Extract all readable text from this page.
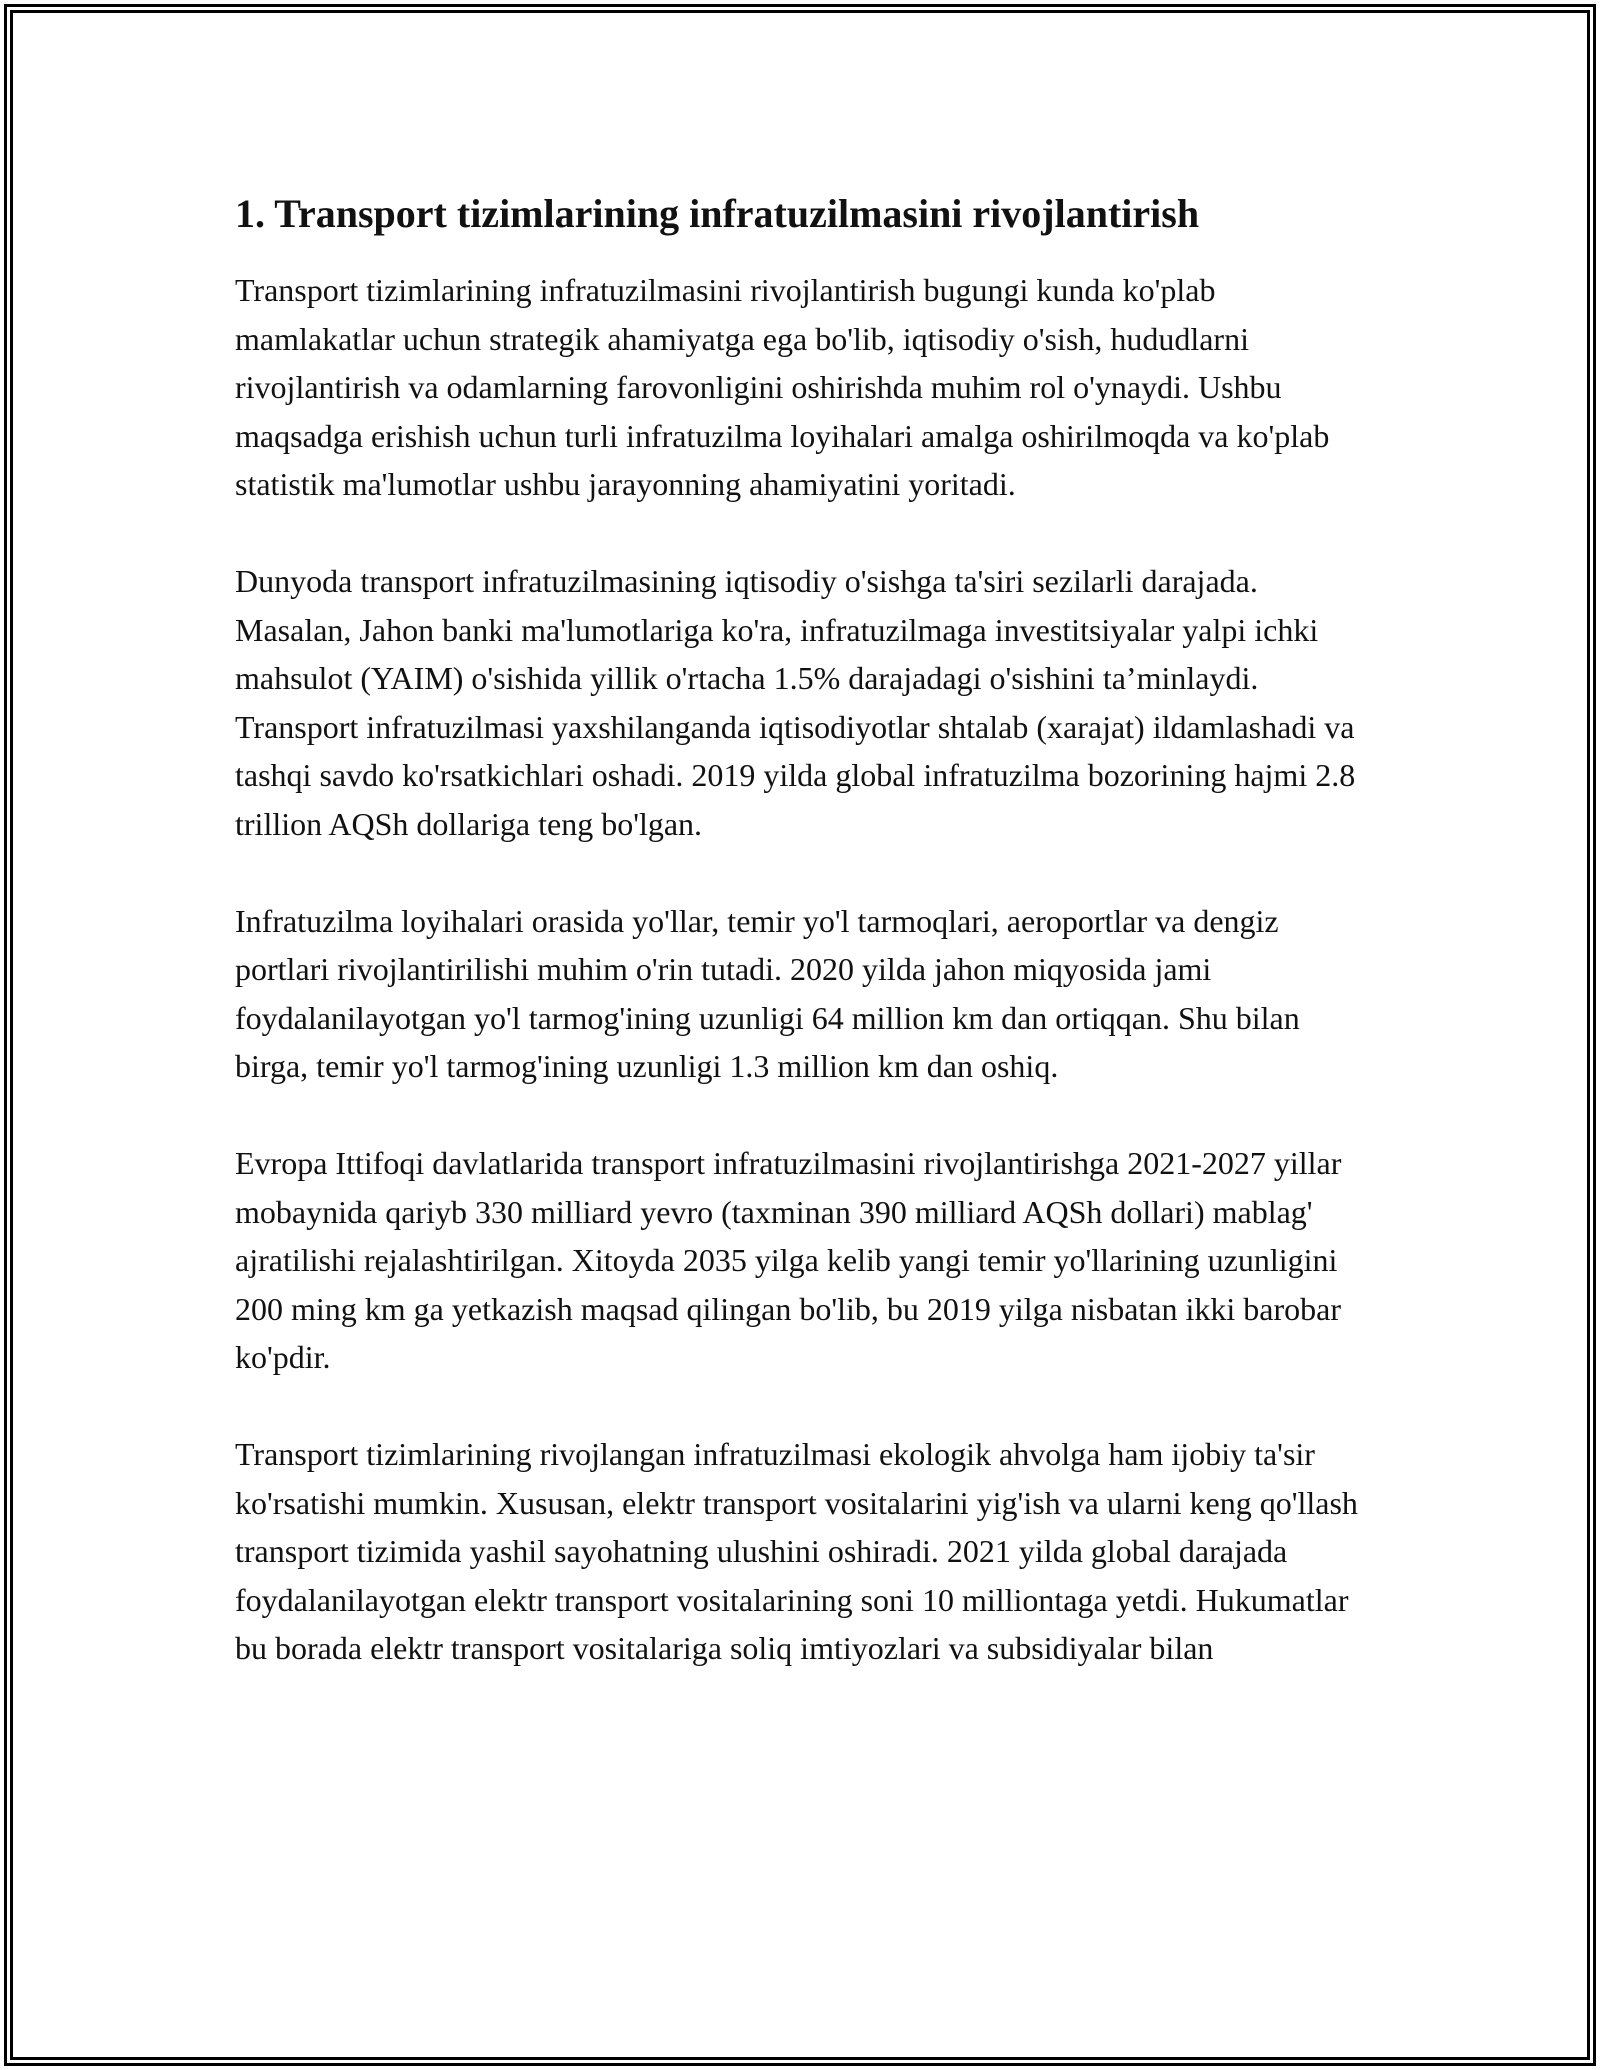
1. Transport tizimlarining infratuzilmasini rivojlantirish

Transport tizimlarining infratuzilmasini rivojlantirish bugungi kunda ko'plab mamlakatlar uchun strategik ahamiyatga ega bo'lib, iqtisodiy o'sish, hududlarni rivojlantirish va odamlarning farovonligini oshirishda muhim rol o'ynaydi. Ushbu maqsadga erishish uchun turli infratuzilma loyihalari amalga oshirilmoqda va ko'plab statistik ma'lumotlar ushbu jarayonning ahamiyatini yoritadi.

Dunyoda transport infratuzilmasining iqtisodiy o'sishga ta'siri sezilarli darajada. Masalan, Jahon banki ma'lumotlariga ko'ra, infratuzilmaga investitsiyalar yalpi ichki mahsulot (YAIM) o'sishida yillik o'rtacha 1.5% darajadagi o'sishini ta’minlaydi. Transport infratuzilmasi yaxshilanganda iqtisodiyotlar shtalab (xarajat) ildamlashadi va tashqi savdo ko'rsatkichlari oshadi. 2019 yilda global infratuzilma bozorining hajmi 2.8 trillion AQSh dollariga teng bo'lgan.

Infratuzilma loyihalari orasida yo'llar, temir yo'l tarmoqlari, aeroportlar va dengiz portlari rivojlantirilishi muhim o'rin tutadi. 2020 yilda jahon miqyosida jami foydalanilayotgan yo'l tarmog'ining uzunligi 64 million km dan ortiqqan. Shu bilan birga, temir yo'l tarmog'ining uzunligi 1.3 million km dan oshiq.

Evropa Ittifoqi davlatlarida transport infratuzilmasini rivojlantirishga 2021-2027 yillar mobaynida qariyb 330 milliard yevro (taxminan 390 milliard AQSh dollari) mablag' ajratilishi rejalashtirilgan. Xitoyda 2035 yilga kelib yangi temir yo'llarining uzunligini 200 ming km ga yetkazish maqsad qilingan bo'lib, bu 2019 yilga nisbatan ikki barobar ko'pdir.

Transport tizimlarining rivojlangan infratuzilmasi ekologik ahvolga ham ijobiy ta'sir ko'rsatishi mumkin. Xususan, elektr transport vositalarini yig'ish va ularni keng qo'llash transport tizimida yashil sayohatning ulushini oshiradi. 2021 yilda global darajada foydalanilayotgan elektr transport vositalarining soni 10 milliontaga yetdi. Hukumatlar bu borada elektr transport vositalariga soliq imtiyozlari va subsidiyalar bilan
